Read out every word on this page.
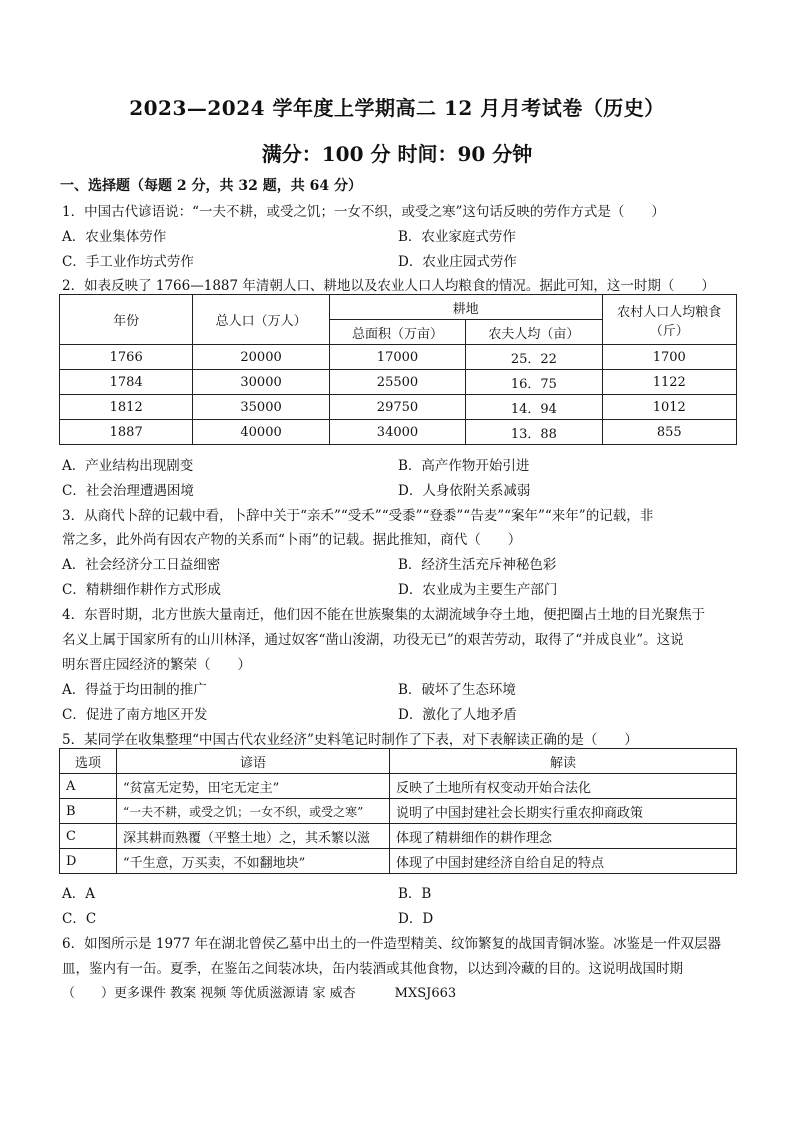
2023—2024 学年度上学期高二 12 月月考试卷（历史）
满分：100 分 时间：90 分钟
一、选择题（每题 2 分，共 32 题，共 64 分）
1．中国古代谚语说：“一夫不耕，或受之饥；一女不织，或受之寒”这句话反映的劳作方式是（　　）
A．农业集体劳作	B．农业家庭式劳作
C．手工业作坊式劳作	D．农业庄园式劳作
2．如表反映了 1766—1887 年清朝人口、耕地以及农业人口人均粮食的情况。据此可知，这一时期（　　）
年份	总人口（万人）	耕地		农村人口人均粮食（斤）
		总面积（万亩）	农夫人均（亩）	
1766	20000	17000	25．22	1700
1784	30000	25500	16．75	1122
1812	35000	29750	14．94	1012
1887	40000	34000	13．88	855
A．产业结构出现剧变	B．高产作物开始引进
C．社会治理遭遇困境	D．人身依附关系减弱
3．从商代卜辞的记载中看，卜辞中关于“亲禾”“受禾”“受黍”“登黍”“告麦”“案年”“来年”的记载，非
常之多，此外尚有因农产物的关系而“卜雨”的记载。据此推知，商代（　　）
A．社会经济分工日益细密	B．经济生活充斥神秘色彩
C．精耕细作耕作方式形成	D．农业成为主要生产部门
4．东晋时期，北方世族大量南迁，他们因不能在世族聚集的太湖流域争夺土地，便把圈占土地的目光聚焦于
名义上属于国家所有的山川林泽，通过奴客“凿山浚湖，功役无已”的艰苦劳动，取得了“并成良业”。这说
明东晋庄园经济的繁荣（　　）
A．得益于均田制的推广	B．破坏了生态环境
C．促进了南方地区开发	D．激化了人地矛盾
5．某同学在收集整理“中国古代农业经济”史料笔记时制作了下表，对下表解读正确的是（　　）
选项	谚语	解读
A	“贫富无定势，田宅无定主”	反映了土地所有权变动开始合法化
B	“一夫不耕，或受之饥；一女不织，或受之寒”	说明了中国封建社会长期实行重农抑商政策
C	深其耕而熟覆（平整土地）之，其禾繁以滋	体现了精耕细作的耕作理念
D	“千生意，万买卖，不如翻地块”	体现了中国封建经济自给自足的特点
A．A	B．B
C．C	D．D
6．如图所示是 1977 年在湖北曾侯乙墓中出土的一件造型精美、纹饰繁复的战国青铜冰鉴。冰鉴是一件双层器
皿，鉴内有一缶。夏季，在鉴缶之间装冰块，缶内装酒或其他食物，以达到冷藏的目的。这说明战国时期
（　　）更多课件 教案 视频 等优质滋源请 家 威杏　　　MXSJ663
